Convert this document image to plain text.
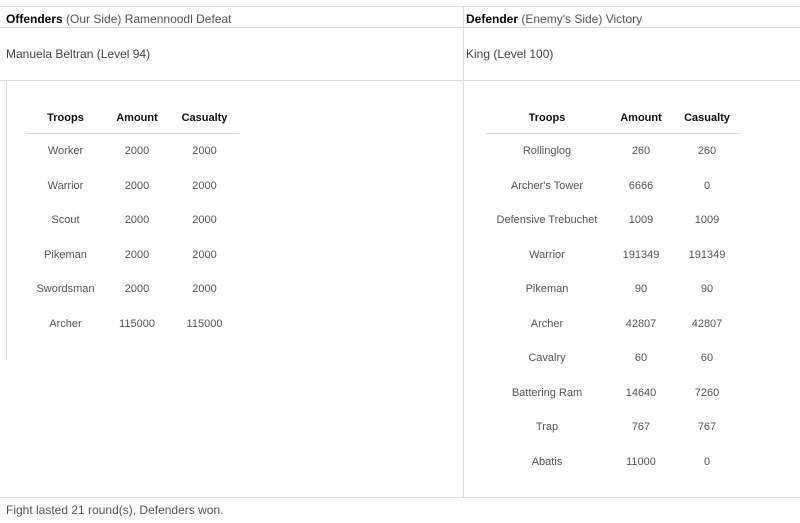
Offenders (Our Side) Ramennoodl Defeat	Defender (Enemy's Side) Victory
Manuela Beltran (Level 94)	King (Level 100)
Troops	Amount	Casualty
Worker	2000	2000
Warrior	2000	2000
Scout	2000	2000
Pikeman	2000	2000
Swordsman	2000	2000
Archer	115000	115000
Troops	Amount	Casualty
Rollinglog	260	260
Archer's Tower	6666	0
Defensive Trebuchet	1009	1009
Warrior	191349	191349
Pikeman	90	90
Archer	42807	42807
Cavalry	60	60
Battering Ram	14640	7260
Trap	767	767
Abatis	11000	0
Fight lasted 21 round(s), Defenders won.
